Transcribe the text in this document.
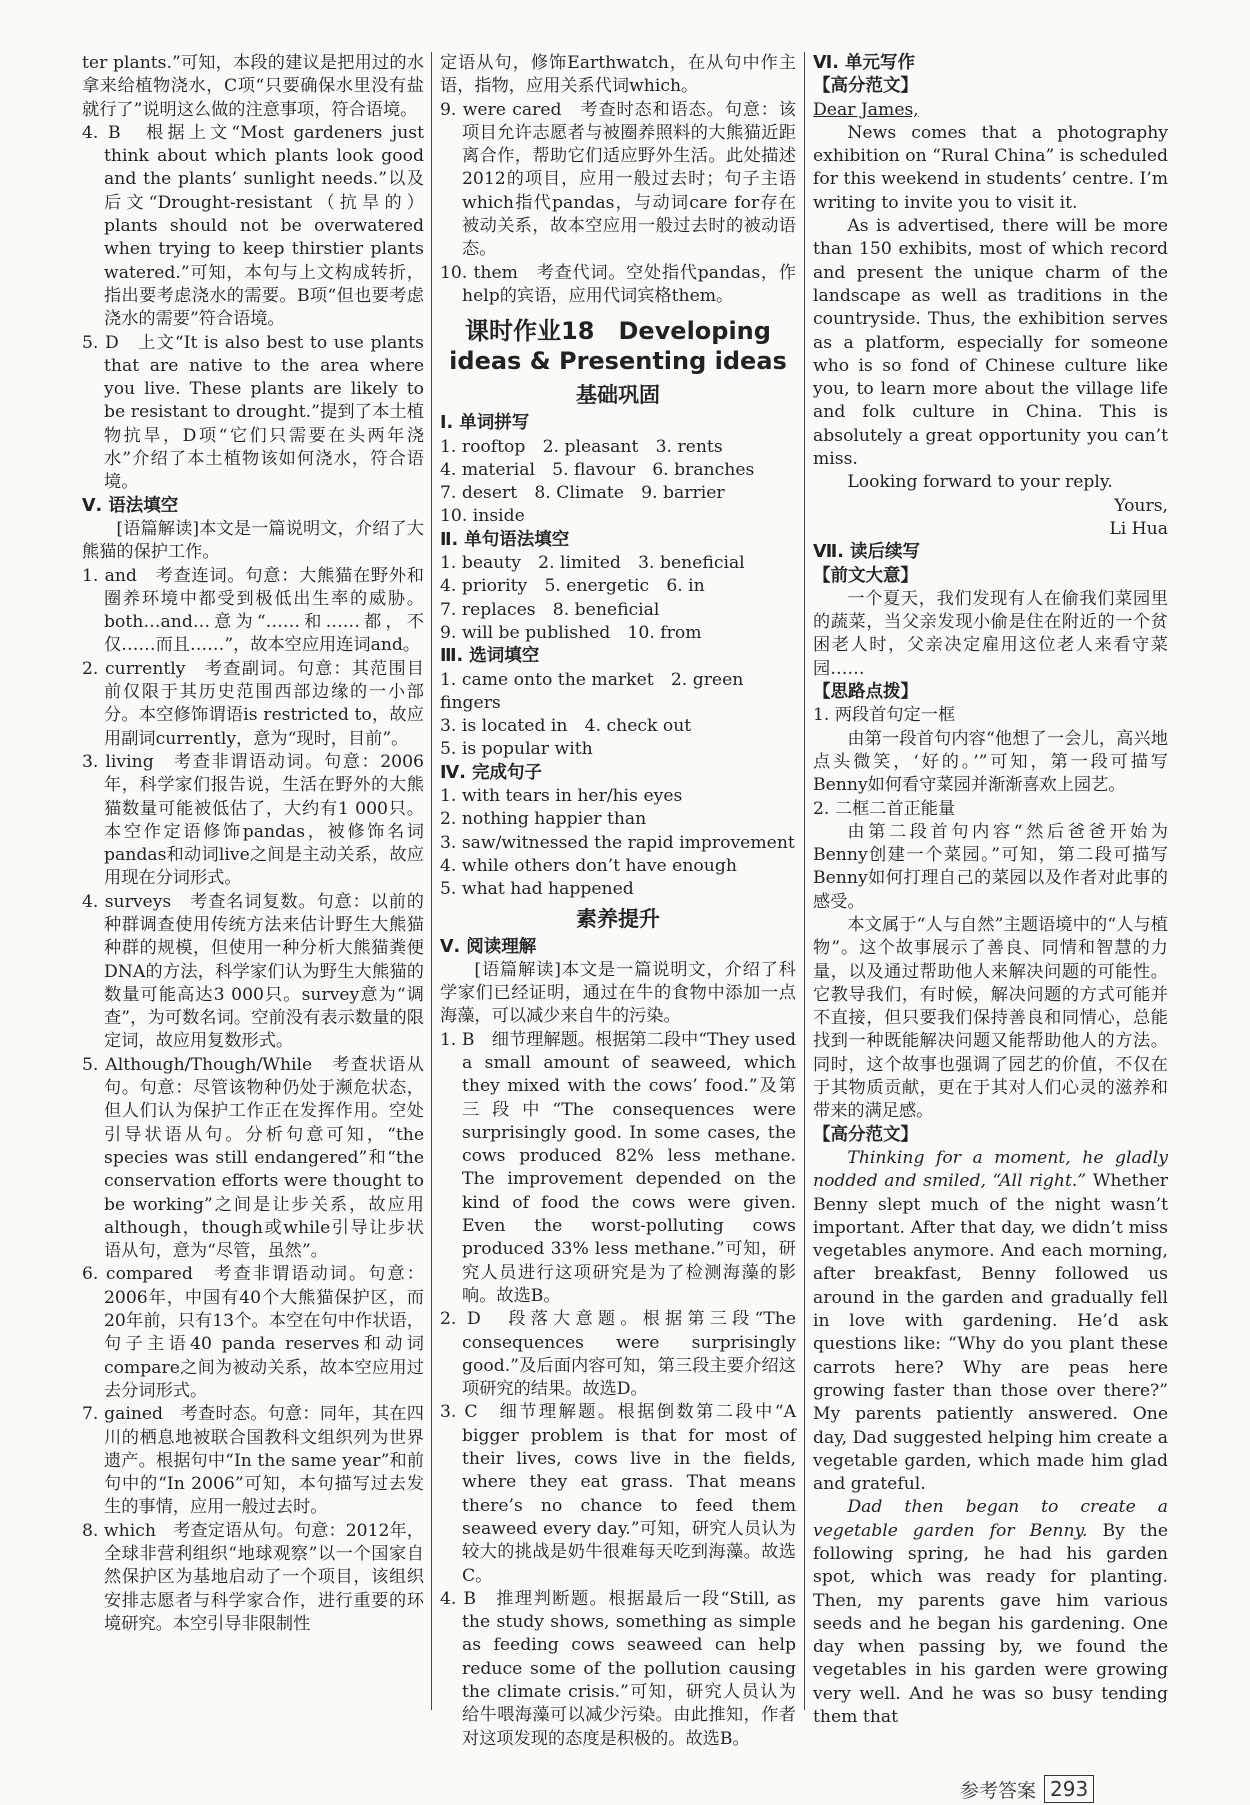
ter plants.”可知，本段的建议是把用过的水拿来给植物浇水，C项“只要确保水里没有盐就行了”说明这么做的注意事项，符合语境。

4. B　根据上文“Most gardeners just think about which plants look good and the plants’ sunlight needs.”以及后文“Drought-resistant（抗旱的）plants should not be overwatered when trying to keep thirstier plants watered.”可知，本句与上文构成转折，指出要考虑浇水的需要。B项“但也要考虑浇水的需要”符合语境。

5. D　上文“It is also best to use plants that are native to the area where you live. These plants are likely to be resistant to drought.”提到了本土植物抗旱，D项“它们只需要在头两年浇水”介绍了本土植物该如何浇水，符合语境。

Ⅴ. 语法填空

[语篇解读]本文是一篇说明文，介绍了大熊猫的保护工作。

1. and　考查连词。句意：大熊猫在野外和圈养环境中都受到极低出生率的威胁。both…and…意为“……和……都，不仅……而且……”，故本空应用连词and。

2. currently　考查副词。句意：其范围目前仅限于其历史范围西部边缘的一小部分。本空修饰谓语is restricted to，故应用副词currently，意为“现时，目前”。

3. living　考查非谓语动词。句意：2006年，科学家们报告说，生活在野外的大熊猫数量可能被低估了，大约有1 000只。本空作定语修饰pandas，被修饰名词pandas和动词live之间是主动关系，故应用现在分词形式。

4. surveys　考查名词复数。句意：以前的种群调查使用传统方法来估计野生大熊猫种群的规模，但使用一种分析大熊猫粪便DNA的方法，科学家们认为野生大熊猫的数量可能高达3 000只。survey意为“调查”，为可数名词。空前没有表示数量的限定词，故应用复数形式。

5. Although/Though/While　考查状语从句。句意：尽管该物种仍处于濒危状态，但人们认为保护工作正在发挥作用。空处引导状语从句。分析句意可知，“the species was still endangered”和“the conservation efforts were thought to be working”之间是让步关系，故应用although，though或while引导让步状语从句，意为“尽管，虽然”。

6. compared　考查非谓语动词。句意：2006年，中国有40个大熊猫保护区，而20年前，只有13个。本空在句中作状语，句子主语40 panda reserves和动词compare之间为被动关系，故本空应用过去分词形式。

7. gained　考查时态。句意：同年，其在四川的栖息地被联合国教科文组织列为世界遗产。根据句中“In the same year”和前句中的“In 2006”可知，本句描写过去发生的事情，应用一般过去时。

8. which　考查定语从句。句意：2012年，全球非营利组织“地球观察”以一个国家自然保护区为基地启动了一个项目，该组织安排志愿者与科学家合作，进行重要的环境研究。本空引导非限制性

定语从句，修饰Earthwatch，在从句中作主语，指物，应用关系代词which。

9. were cared　考查时态和语态。句意：该项目允许志愿者与被圈养照料的大熊猫近距离合作，帮助它们适应野外生活。此处描述2012的项目，应用一般过去时；句子主语which指代pandas，与动词care for存在被动关系，故本空应用一般过去时的被动语态。

10. them　考查代词。空处指代pandas，作help的宾语，应用代词宾格them。

课时作业18　Developing ideas & Presenting ideas
基础巩固

Ⅰ. 单词拼写

1. rooftop　2. pleasant　3. rents

4. material　5. flavour　6. branches

7. desert　8. Climate　9. barrier

10. inside

Ⅱ. 单句语法填空

1. beauty　2. limited　3. beneficial

4. priority　5. energetic　6. in

7. replaces　8. beneficial

9. will be published　10. from

Ⅲ. 选词填空

1. came onto the market　2. green fingers

3. is located in　4. check out

5. is popular with

Ⅳ. 完成句子

1. with tears in her/his eyes

2. nothing happier than

3. saw/witnessed the rapid improvement

4. while others don’t have enough

5. what had happened

素养提升

Ⅴ. 阅读理解

[语篇解读]本文是一篇说明文，介绍了科学家们已经证明，通过在牛的食物中添加一点海藻，可以减少来自牛的污染。

1. B　细节理解题。根据第二段中“They used a small amount of seaweed, which they mixed with the cows’ food.”及第三段中“The consequences were surprisingly good. In some cases, the cows produced 82% less methane. The improvement depended on the kind of food the cows were given. Even the worst-polluting cows produced 33% less methane.”可知，研究人员进行这项研究是为了检测海藻的影响。故选B。

2. D　段落大意题。根据第三段“The consequences were surprisingly good.”及后面内容可知，第三段主要介绍这项研究的结果。故选D。

3. C　细节理解题。根据倒数第二段中“A bigger problem is that for most of their lives, cows live in the fields, where they eat grass. That means there’s no chance to feed them seaweed every day.”可知，研究人员认为较大的挑战是奶牛很难每天吃到海藻。故选C。

4. B　推理判断题。根据最后一段“Still, as the study shows, something as simple as feeding cows seaweed can help reduce some of the pollution causing the climate crisis.”可知，研究人员认为给牛喂海藻可以减少污染。由此推知，作者对这项发现的态度是积极的。故选B。

Ⅵ. 单元写作

【高分范文】

Dear James,

News comes that a photography exhibition on “Rural China” is scheduled for this weekend in students’ centre. I’m writing to invite you to visit it.

As is advertised, there will be more than 150 exhibits, most of which record and present the unique charm of the landscape as well as traditions in the countryside. Thus, the exhibition serves as a platform, especially for someone who is so fond of Chinese culture like you, to learn more about the village life and folk culture in China. This is absolutely a great opportunity you can’t miss.

Looking forward to your reply.

Yours,

Li Hua

Ⅶ. 读后续写

【前文大意】

一个夏天，我们发现有人在偷我们菜园里的蔬菜，当父亲发现小偷是住在附近的一个贫困老人时，父亲决定雇用这位老人来看守菜园……

【思路点拨】

1. 两段首句定一框

由第一段首句内容“他想了一会儿，高兴地点头微笑，‘好的。’”可知，第一段可描写Benny如何看守菜园并渐渐喜欢上园艺。

2. 二框二首正能量

由第二段首句内容“然后爸爸开始为Benny创建一个菜园。”可知，第二段可描写Benny如何打理自己的菜园以及作者对此事的感受。

本文属于“人与自然”主题语境中的“人与植物”。这个故事展示了善良、同情和智慧的力量，以及通过帮助他人来解决问题的可能性。它教导我们，有时候，解决问题的方式可能并不直接，但只要我们保持善良和同情心，总能找到一种既能解决问题又能帮助他人的方法。同时，这个故事也强调了园艺的价值，不仅在于其物质贡献，更在于其对人们心灵的滋养和带来的满足感。

【高分范文】

Thinking for a moment, he gladly nodded and smiled, “All right.” Whether Benny slept much of the night wasn’t important. After that day, we didn’t miss vegetables anymore. And each morning, after breakfast, Benny followed us around in the garden and gradually fell in love with gardening. He’d ask questions like: “Why do you plant these carrots here? Why are peas here growing faster than those over there?” My parents patiently answered. One day, Dad suggested helping him create a vegetable garden, which made him glad and grateful.

Dad then began to create a vegetable garden for Benny. By the following spring, he had his garden spot, which was ready for planting. Then, my parents gave him various seeds and he began his gardening. One day when passing by, we found the vegetables in his garden were growing very well. And he was so busy tending them that

参考答案 293
